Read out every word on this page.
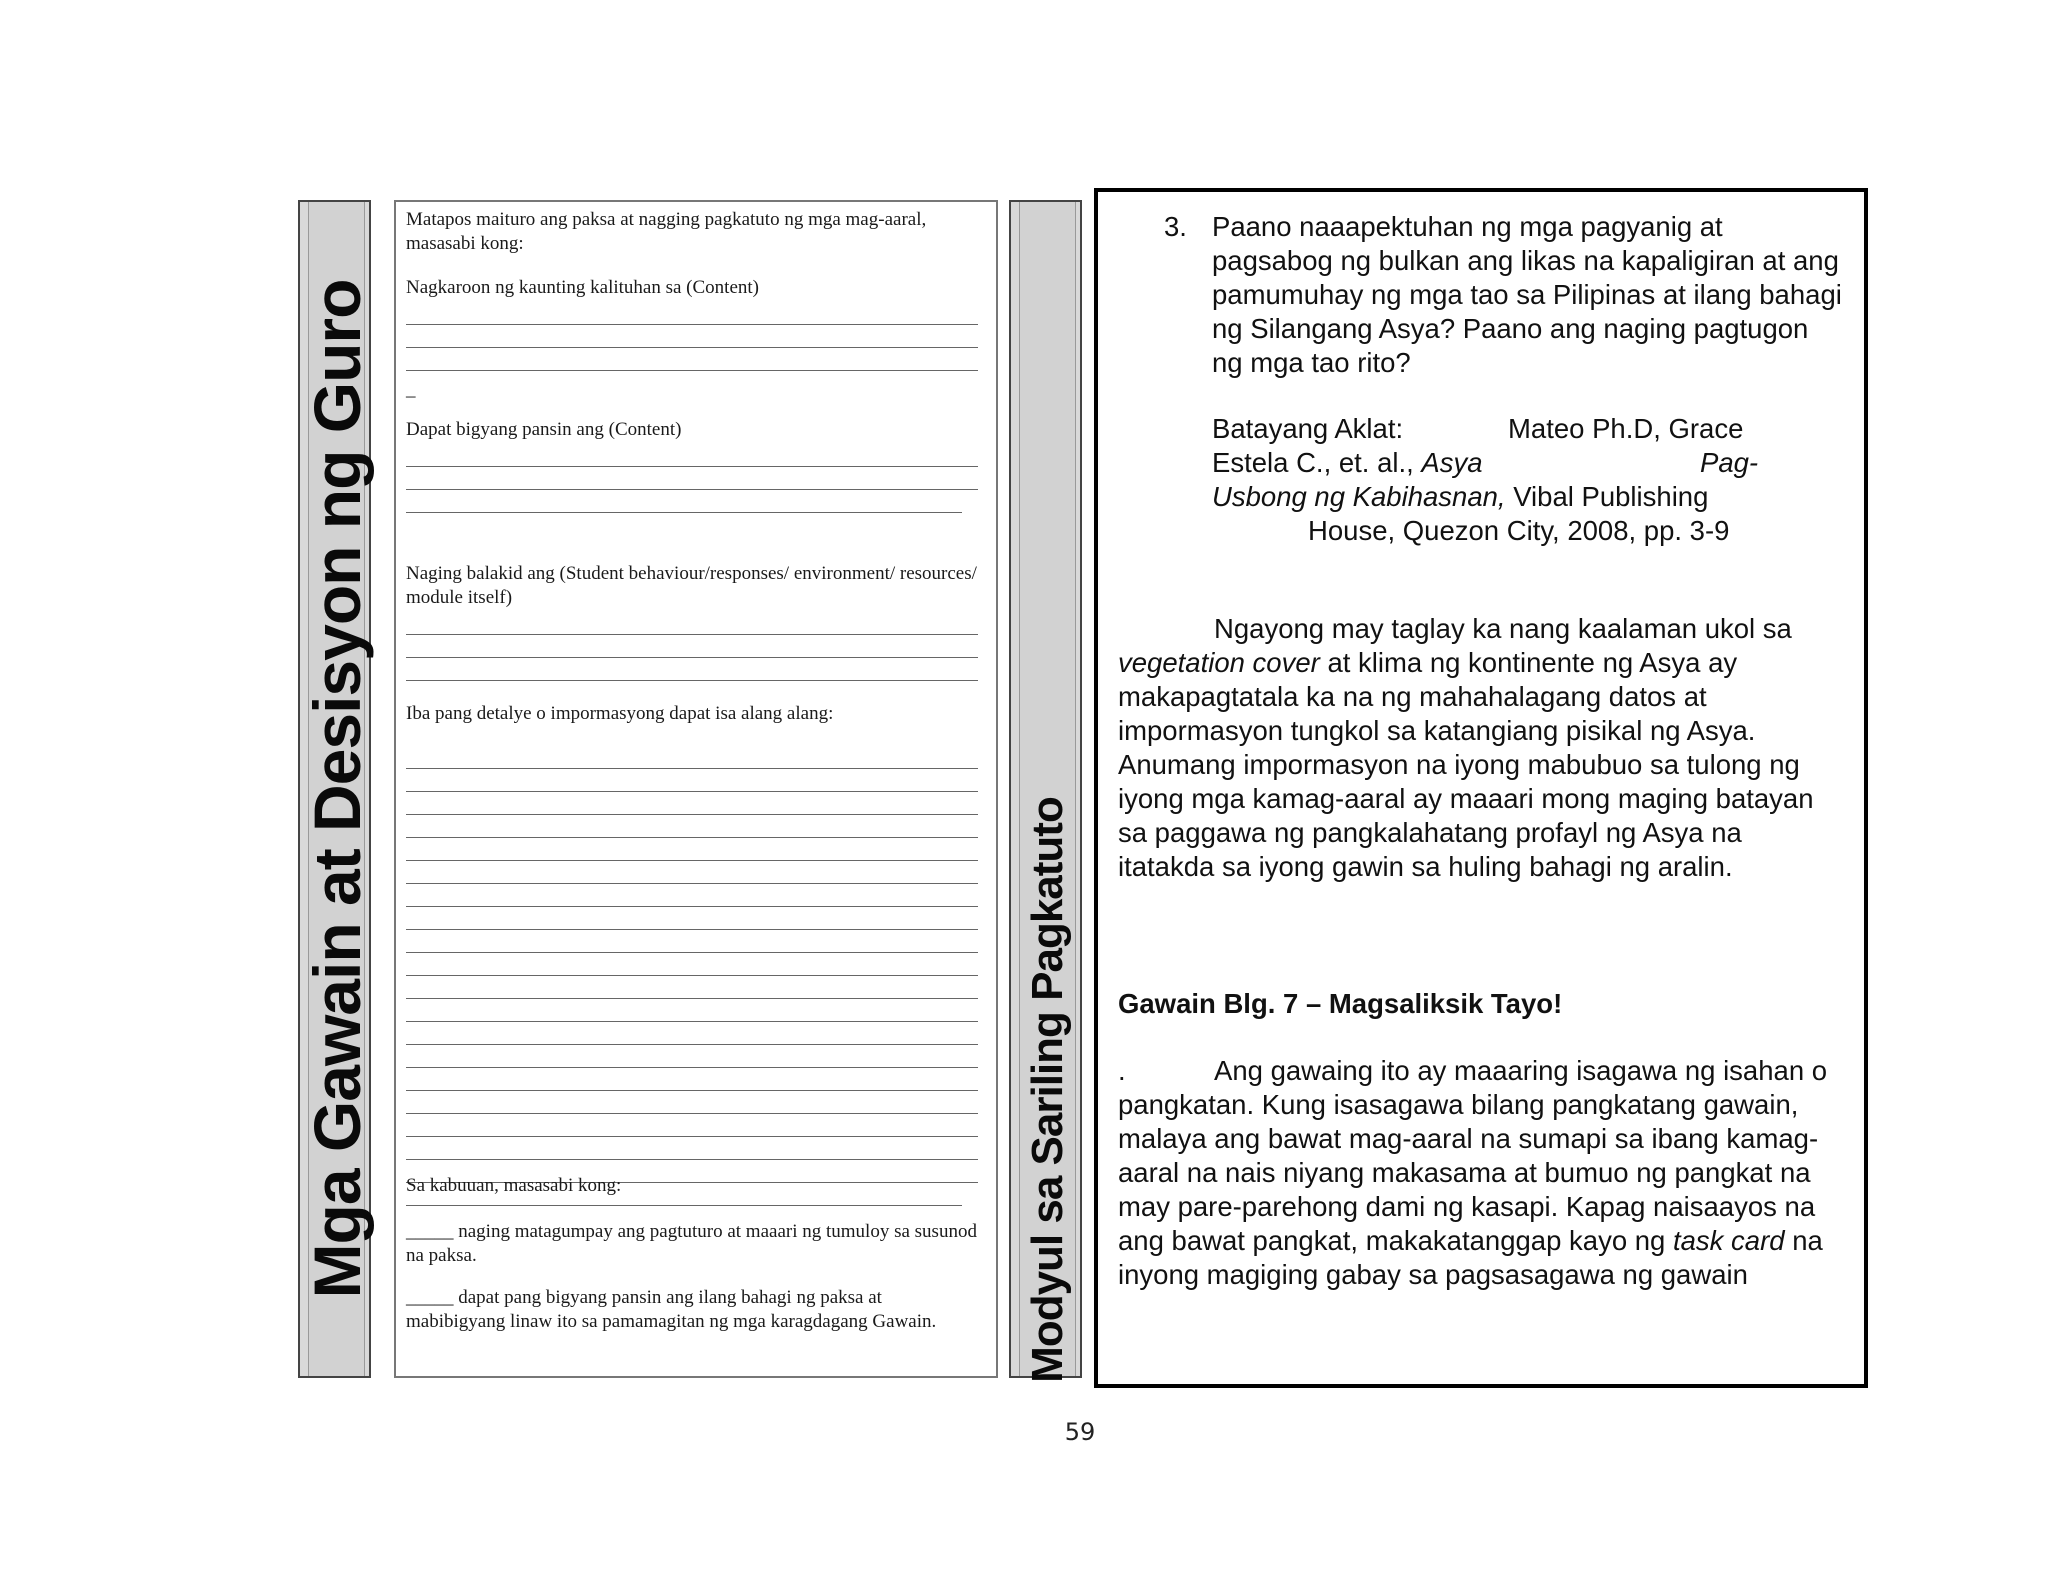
Mga Gawain at Desisyon ng Guro
Matapos maituro ang paksa at nagging pagkatuto ng mga mag-aaral, masasabi kong:
Nagkaroon ng kaunting kalituhan sa (Content)
_
Dapat bigyang pansin ang (Content)
Naging balakid ang (Student behaviour/responses/ environment/ resources/ module itself)
Iba pang detalye o impormasyong dapat isa alang alang:
Sa kabuuan, masasabi kong:
_____ naging matagumpay ang pagtuturo at maaari ng tumuloy sa susunod na paksa.
_____ dapat pang bigyang pansin ang ilang bahagi ng paksa at mabibigyang linaw ito sa pamamagitan ng mga karagdagang Gawain.	Modyul sa Sariling Pagkatuto
3. Paano naaapektuhan ng mga pagyanig at pagsabog ng bulkan ang likas na kapaligiran at ang pamumuhay ng mga tao sa Pilipinas at ilang bahagi ng Silangang Asya? Paano ang naging pagtugon ng mga tao rito?
Batayang Aklat:	Mateo Ph.D, Grace
Estela C., et. al., Asya	Pag-
Usbong ng Kabihasnan, Vibal Publishing
House, Quezon City, 2008, pp. 3-9
Ngayong may taglay ka nang kaalaman ukol sa
vegetation cover at klima ng kontinente ng Asya ay makapagtatala ka na ng mahahalagang datos at impormasyon tungkol sa katangiang pisikal ng Asya. Anumang impormasyon na iyong mabubuo sa tulong ng iyong mga kamag-aaral ay maaari mong maging batayan sa paggawa ng pangkalahatang profayl ng Asya na itatakda sa iyong gawin sa huling bahagi ng aralin.
Gawain Blg. 7 – Magsaliksik Tayo!
.	Ang gawaing ito ay maaaring isagawa ng isahan o pangkatan. Kung isasagawa bilang pangkatang gawain, malaya ang bawat mag-aaral na sumapi sa ibang kamag-aaral na nais niyang makasama at bumuo ng pangkat na may pare-parehong dami ng kasapi. Kapag naisaayos na ang bawat pangkat, makakatanggap kayo ng task card na inyong magiging gabay sa pagsasagawa ng gawain
59
